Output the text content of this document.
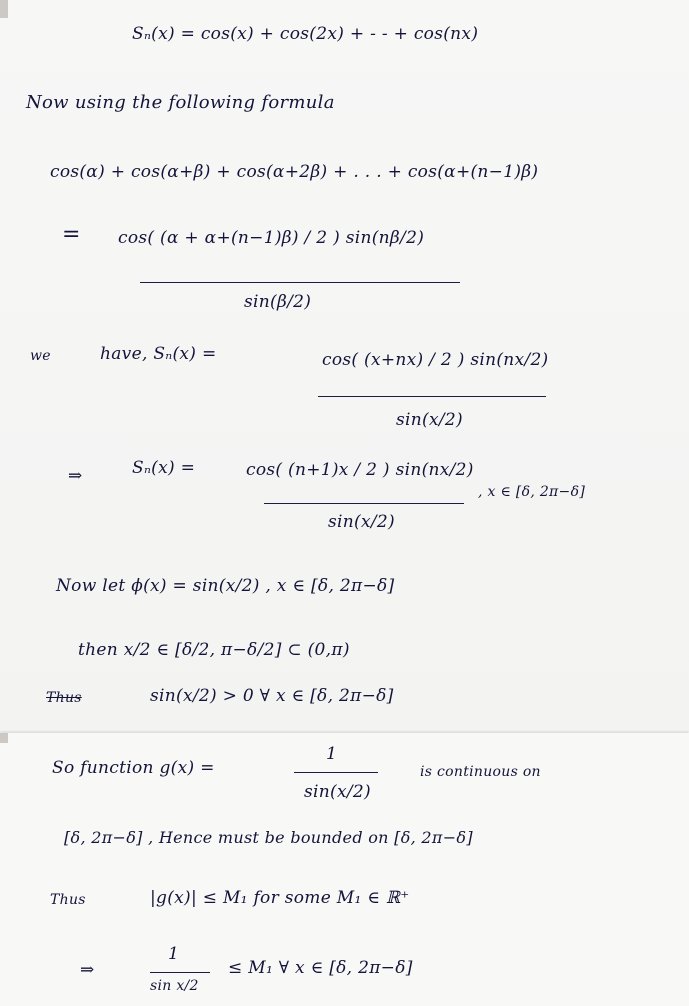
Sₙ(x) = cos(x) + cos(2x) + - - + cos(nx)
Now using the following formula
cos(α) + cos(α+β) + cos(α+2β) + . . . + cos(α+(n−1)β)
= cos( (α + α+(n−1)β) / 2 ) sin(nβ/2)
sin(β/2)
we	have, Sₙ(x) =	cos( (x+nx) / 2 ) sin(nx/2)
sin(x/2)
⇒	Sₙ(x) =	cos( (n+1)x / 2 ) sin(nx/2)
sin(x/2)
, x ∈ [δ, 2π−δ]
Now let ϕ(x) = sin(x/2) , x ∈ [δ, 2π−δ]
then x/2 ∈ [δ/2, π−δ/2] ⊂ (0,π)
Thus	sin(x/2) > 0 ∀ x ∈ [δ, 2π−δ]
So function g(x) =
1
sin(x/2)
is continuous on
[δ, 2π−δ] , Hence must be bounded on [δ, 2π−δ]
Thus	|g(x)| ≤ M₁ for some M₁ ∈ ℝ⁺
⇒
1
sin x/2
≤ M₁ ∀ x ∈ [δ, 2π−δ]
